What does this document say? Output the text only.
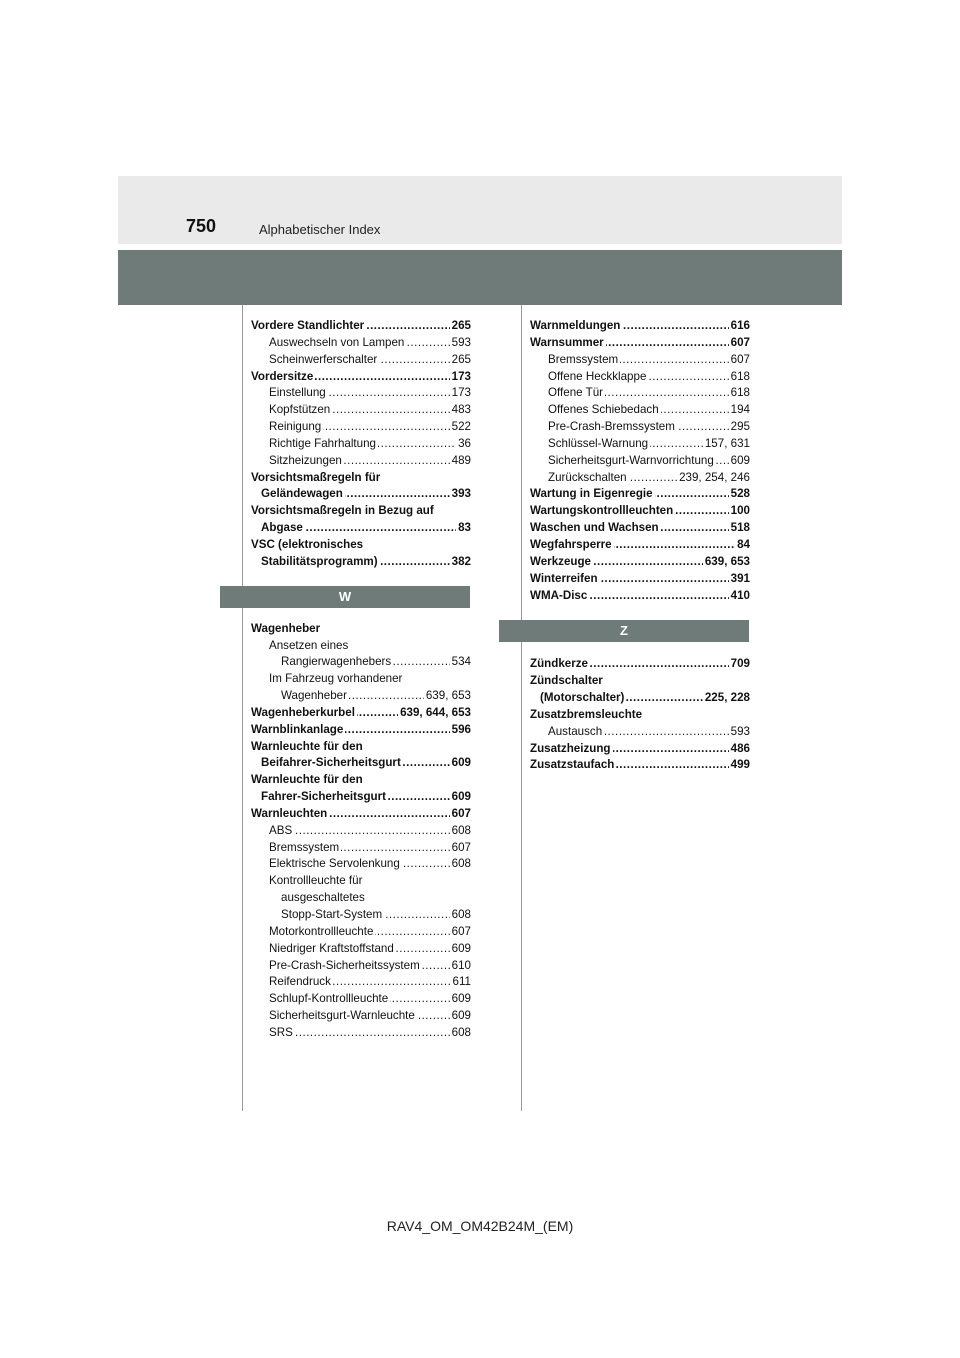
750	Alphabetischer Index
Vordere Standlichter	265
.....
Auswechseln von Lampen	593
.....
Scheinwerferschalter	265
.....
Vordersitze	173
.....
Einstellung	173
.....
Kopfstützen	483
.....
Reinigung	522
.....
Richtige Fahrhaltung	36
.....
Sitzheizungen	489
.....
Vorsichtsmaßregeln für
Geländewagen	393
.....
Vorsichtsmaßregeln in Bezug auf
Abgase	83
.....
VSC (elektronisches
Stabilitätsprogramm)	382
.....
W
Wagenheber
Ansetzen eines
Rangierwagenhebers	534
.....
Im Fahrzeug vorhandener
Wagenheber	639, 653
.....
Wagenheberkurbel	639, 644, 653
.....
Warnblinkanlage	596
.....
Warnleuchte für den
Beifahrer-Sicherheitsgurt	609
.....
Warnleuchte für den
Fahrer-Sicherheitsgurt	609
.....
Warnleuchten	607
.....
ABS	608
.....
Bremssystem	607
.....
Elektrische Servolenkung	608
.....
Kontrollleuchte für
ausgeschaltetes
Stopp-Start-System	608
.....
Motorkontrollleuchte	607
.....
Niedriger Kraftstoffstand	609
.....
Pre-Crash-Sicherheitssystem	610
.....
Reifendruck	611
.....
Schlupf-Kontrollleuchte	609
.....
Sicherheitsgurt-Warnleuchte	609
.....
SRS	608
.....
Warnmeldungen	616
.....
Warnsummer	607
.....
Bremssystem	607
.....
Offene Heckklappe	618
.....
Offene Tür	618
.....
Offenes Schiebedach	194
.....
Pre-Crash-Bremssystem	295
.....
Schlüssel-Warnung	157, 631
.....
Sicherheitsgurt-Warnvorrichtung 609
.....
Zurückschalten	239, 254, 246
.....
Wartung in Eigenregie	528
.....
Wartungskontrollleuchten	100
.....
Waschen und Wachsen	518
.....
Wegfahrsperre	84
.....
Werkzeuge	639, 653
.....
Winterreifen	391
.....
WMA-Disc	410
.....
Z
Zündkerze	709
.....
Zündschalter
(Motorschalter)	225, 228
.....
Zusatzbremsleuchte
Austausch	593
.....
Zusatzheizung	486
.....
Zusatzstaufach	499
.....
RAV4_OM_OM42B24M_(EM)
